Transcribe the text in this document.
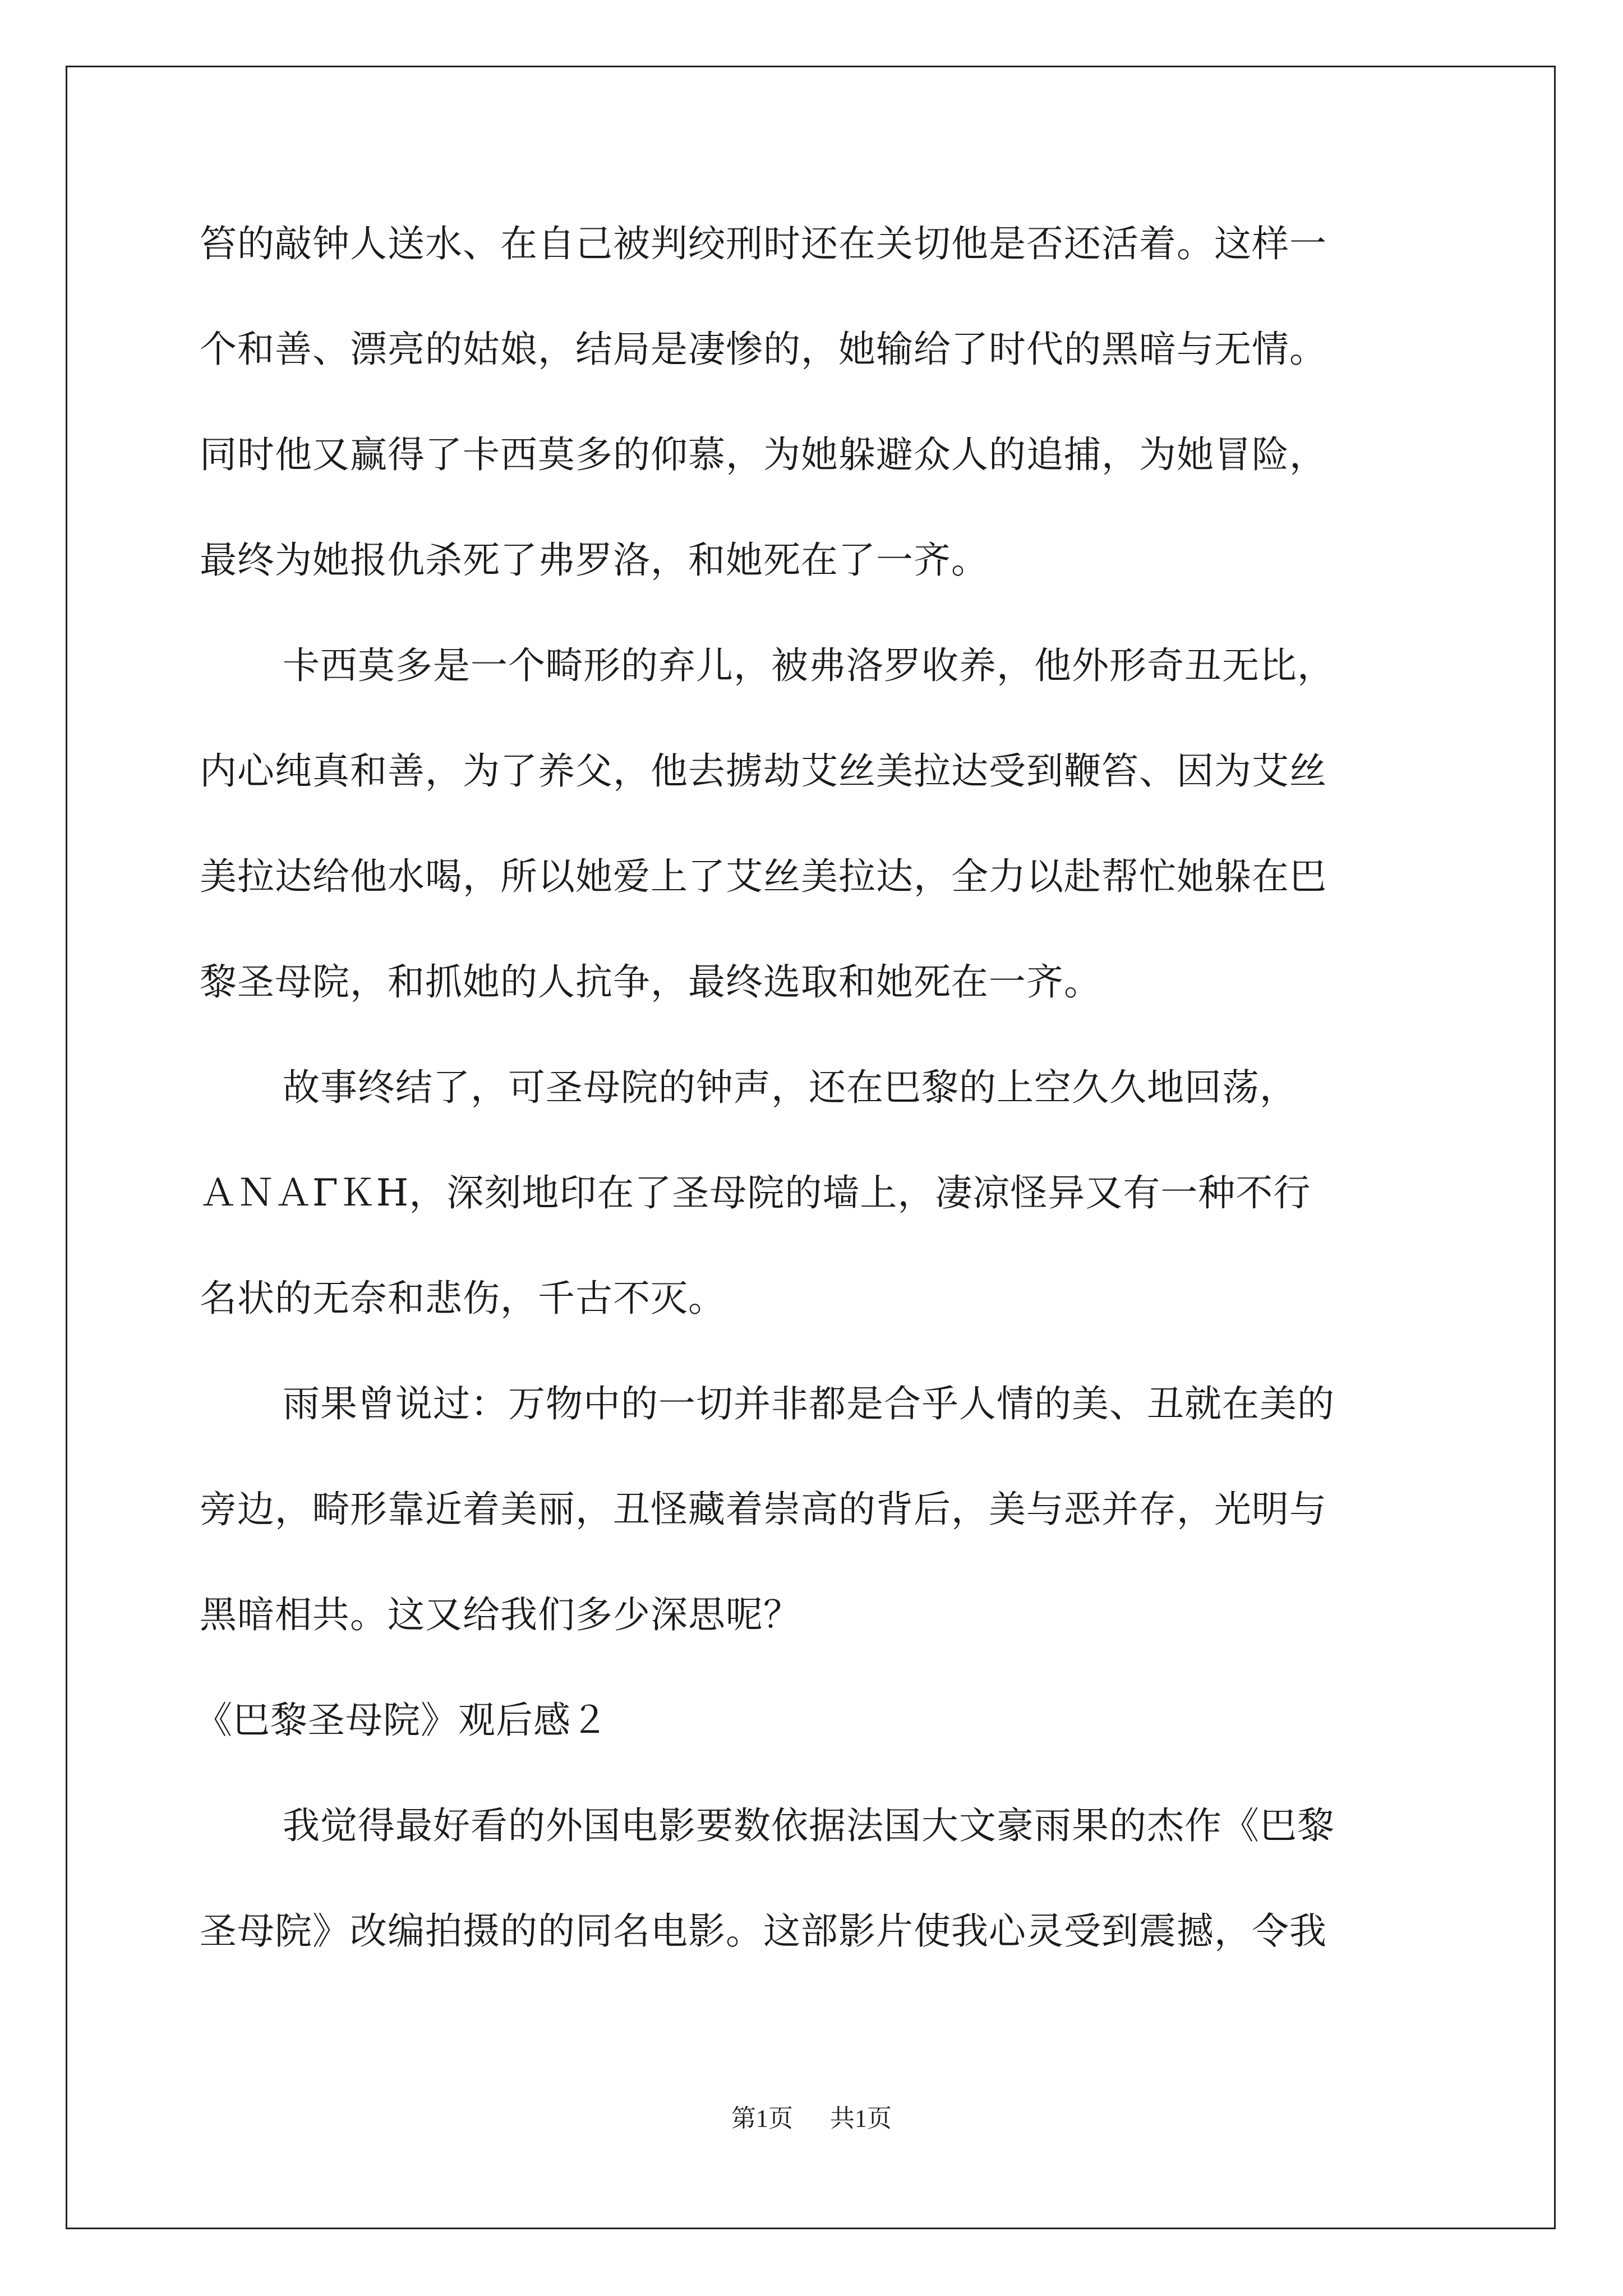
笞的敲钟人送水、在自己被判绞刑时还在关切他是否还活着。这样一
个和善、漂亮的姑娘，结局是凄惨的，她输给了时代的黑暗与无情。
同时他又赢得了卡西莫多的仰慕，为她躲避众人的追捕，为她冒险，
最终为她报仇杀死了弗罗洛，和她死在了一齐。
卡西莫多是一个畸形的弃儿，被弗洛罗收养，他外形奇丑无比，
内心纯真和善，为了养父，他去掳劫艾丝美拉达受到鞭笞、因为艾丝
美拉达给他水喝，所以她爱上了艾丝美拉达，全力以赴帮忙她躲在巴
黎圣母院，和抓她的人抗争，最终选取和她死在一齐。
故事终结了，可圣母院的钟声，还在巴黎的上空久久地回荡，
ＡＮＡΓＫΗ，深刻地印在了圣母院的墙上，凄凉怪异又有一种不行
名状的无奈和悲伤，千古不灭。
雨果曾说过：万物中的一切并非都是合乎人情的美、丑就在美的
旁边，畸形靠近着美丽，丑怪藏着崇高的背后，美与恶并存，光明与
黑暗相共。这又给我们多少深思呢？
《巴黎圣母院》观后感２
我觉得最好看的外国电影要数依据法国大文豪雨果的杰作《巴黎
圣母院》改编拍摄的的同名电影。这部影片使我心灵受到震撼，令我
第1页 共1页
